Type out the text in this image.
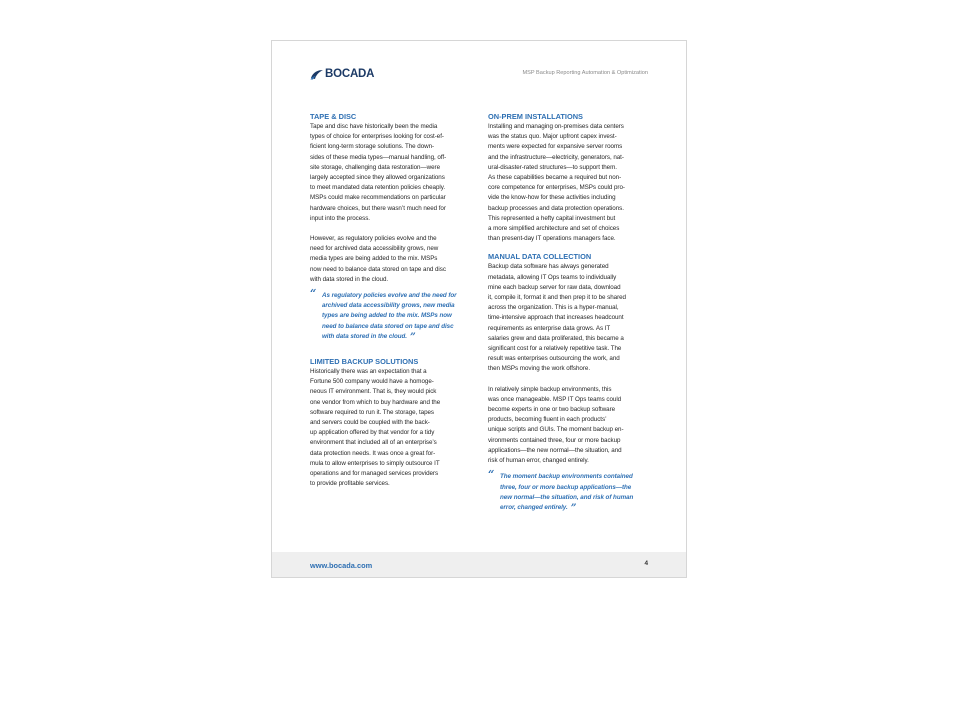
BOCADA	MSP Backup Reporting Automation & Optimization
TAPE & DISC

Tape and disc have historically been the media
types of choice for enterprises looking for cost-ef-
ficient long-term storage solutions. The down-
sides of these media types—manual handling, off-
site storage, challenging data restoration—were
largely accepted since they allowed organizations
to meet mandated data retention policies cheaply.
MSPs could make recommendations on particular
hardware choices, but there wasn’t much need for
input into the process.

However, as regulatory policies evolve and the
need for archived data accessibility grows, new
media types are being added to the mix. MSPs
now need to balance data stored on tape and disc
with data stored in the cloud.

“ As regulatory policies evolve and the need for
archived data accessibility grows, new media
types are being added to the mix. MSPs now
need to balance data stored on tape and disc
with data stored in the cloud. ”
LIMITED BACKUP SOLUTIONS

Historically there was an expectation that a
Fortune 500 company would have a homoge-
neous IT environment. That is, they would pick
one vendor from which to buy hardware and the
software required to run it. The storage, tapes
and servers could be coupled with the back-
up application offered by that vendor for a tidy
environment that included all of an enterprise’s
data protection needs. It was once a great for-
mula to allow enterprises to simply outsource IT
operations and for managed services providers
to provide profitable services.

ON-PREM INSTALLATIONS

Installing and managing on-premises data centers
was the status quo. Major upfront capex invest-
ments were expected for expansive server rooms
and the infrastructure—electricity, generators, nat-
ural-disaster-rated structures—to support them.
As these capabilities became a required but non-
core competence for enterprises, MSPs could pro-
vide the know-how for these activities including
backup processes and data protection operations.
This represented a hefty capital investment but
a more simplified architecture and set of choices
than present-day IT operations managers face.

MANUAL DATA COLLECTION

Backup data software has always generated
metadata, allowing IT Ops teams to individually
mine each backup server for raw data, download
it, compile it, format it and then prep it to be shared
across the organization. This is a hyper-manual,
time-intensive approach that increases headcount
requirements as enterprise data grows. As IT
salaries grew and data proliferated, this became a
significant cost for a relatively repetitive task. The
result was enterprises outsourcing the work, and
then MSPs moving the work offshore.

In relatively simple backup environments, this
was once manageable. MSP IT Ops teams could
become experts in one or two backup software
products, becoming fluent in each products’
unique scripts and GUIs. The moment backup en-
vironments contained three, four or more backup
applications—the new normal—the situation, and
risk of human error, changed entirely.

“ The moment backup environments contained
three, four or more backup applications—the
new normal—the situation, and risk of human
error, changed entirely. ”
www.bocada.com	4
